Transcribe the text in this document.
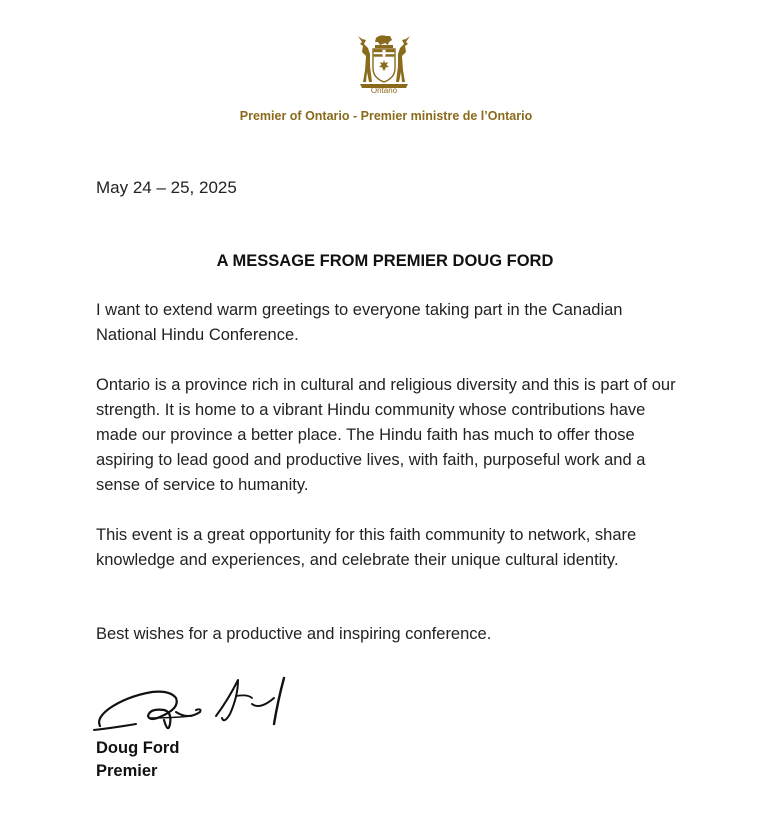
Ontario
Premier of Ontario - Premier ministre de l’Ontario
May 24 – 25, 2025
A MESSAGE FROM PREMIER DOUG FORD

I want to extend warm greetings to everyone taking part in the Canadian National Hindu Conference.

Ontario is a province rich in cultural and religious diversity and this is part of our strength. It is home to a vibrant Hindu community whose contributions have made our province a better place. The Hindu faith has much to offer those aspiring to lead good and productive lives, with faith, purposeful work and a sense of service to humanity.

This event is a great opportunity for this faith community to network, share knowledge and experiences, and celebrate their unique cultural identity.

Best wishes for a productive and inspiring conference.

Doug Ford
Premier
